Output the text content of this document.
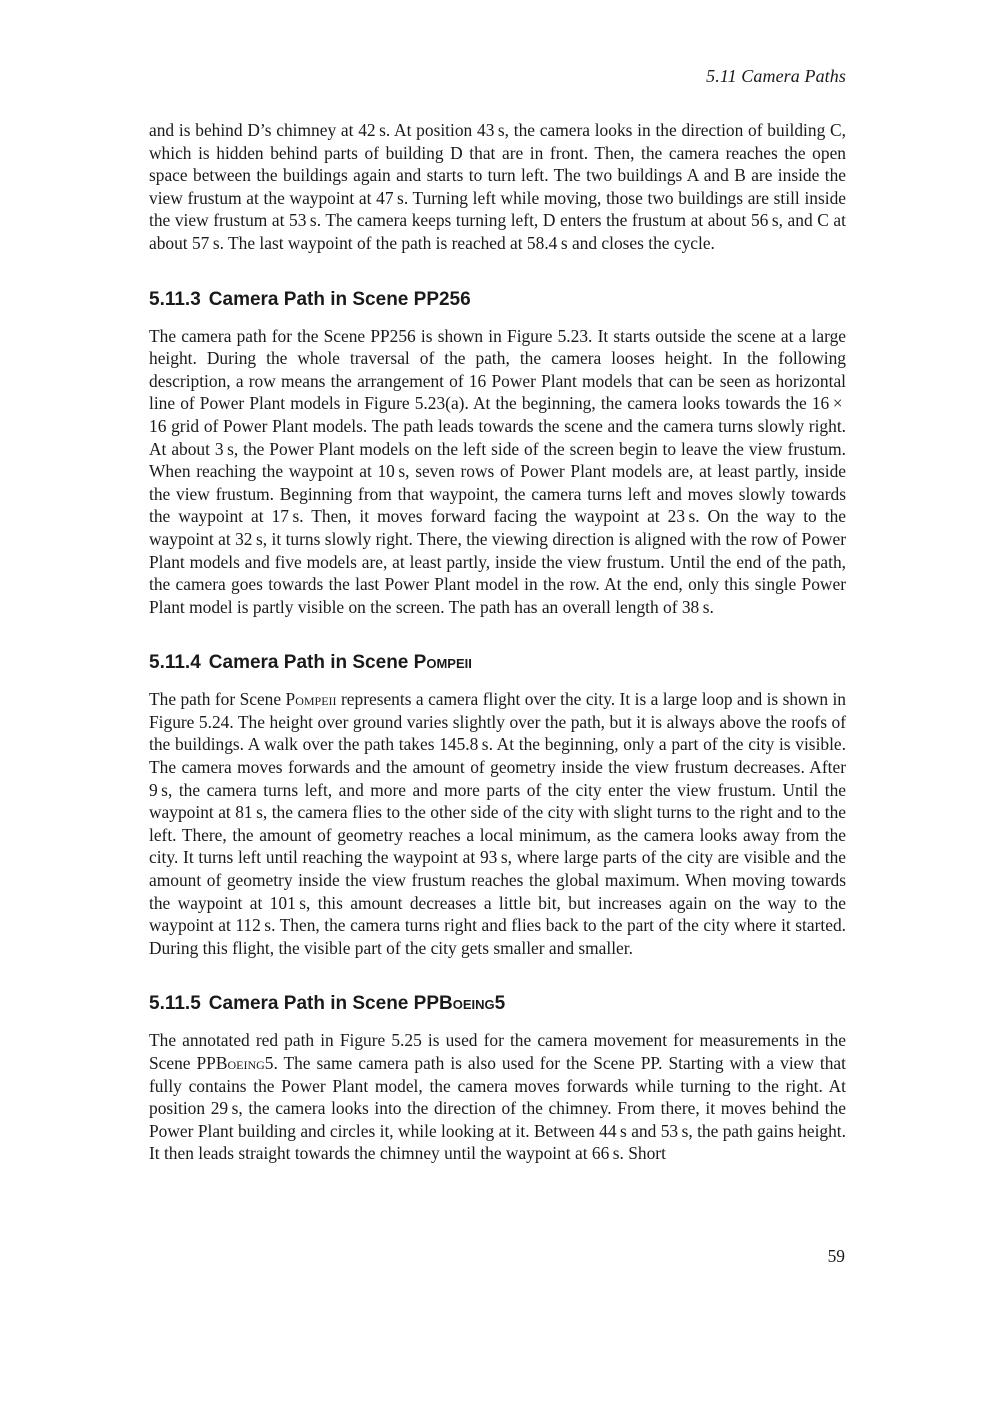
5.11 Camera Paths

and is behind D’s chimney at 42 s. At position 43 s, the camera looks in the direction of building C, which is hidden behind parts of building D that are in front. Then, the camera reaches the open space between the buildings again and starts to turn left. The two buildings A and B are inside the view frustum at the waypoint at 47 s. Turning left while moving, those two buildings are still inside the view frustum at 53 s. The camera keeps turning left, D enters the frustum at about 56 s, and C at about 57 s. The last waypoint of the path is reached at 58.4 s and closes the cycle.

5.11.3 Camera Path in Scene PP256

The camera path for the Scene PP256 is shown in Figure 5.23. It starts outside the scene at a large height. During the whole traversal of the path, the camera looses height. In the following description, a row means the arrangement of 16 Power Plant models that can be seen as horizontal line of Power Plant models in Figure 5.23(a). At the beginning, the camera looks towards the 16 × 16 grid of Power Plant models. The path leads towards the scene and the camera turns slowly right. At about 3 s, the Power Plant models on the left side of the screen begin to leave the view frustum. When reaching the waypoint at 10 s, seven rows of Power Plant models are, at least partly, inside the view frustum. Beginning from that waypoint, the camera turns left and moves slowly towards the waypoint at 17 s. Then, it moves forward facing the waypoint at 23 s. On the way to the waypoint at 32 s, it turns slowly right. There, the viewing direction is aligned with the row of Power Plant models and five models are, at least partly, inside the view frustum. Until the end of the path, the camera goes towards the last Power Plant model in the row. At the end, only this single Power Plant model is partly visible on the screen. The path has an overall length of 38 s.

5.11.4 Camera Path in Scene Pompeii

The path for Scene Pompeii represents a camera flight over the city. It is a large loop and is shown in Figure 5.24. The height over ground varies slightly over the path, but it is always above the roofs of the buildings. A walk over the path takes 145.8 s. At the beginning, only a part of the city is visible. The camera moves forwards and the amount of geometry inside the view frustum decreases. After 9 s, the camera turns left, and more and more parts of the city enter the view frustum. Until the waypoint at 81 s, the camera flies to the other side of the city with slight turns to the right and to the left. There, the amount of geometry reaches a local minimum, as the camera looks away from the city. It turns left until reaching the waypoint at 93 s, where large parts of the city are visible and the amount of geometry inside the view frustum reaches the global maximum. When moving towards the waypoint at 101 s, this amount decreases a little bit, but increases again on the way to the waypoint at 112 s. Then, the camera turns right and flies back to the part of the city where it started. During this flight, the visible part of the city gets smaller and smaller.

5.11.5 Camera Path in Scene PPBoeing5

The annotated red path in Figure 5.25 is used for the camera movement for measurements in the Scene PPBoeing5. The same camera path is also used for the Scene PP. Starting with a view that fully contains the Power Plant model, the camera moves forwards while turning to the right. At position 29 s, the camera looks into the direction of the chimney. From there, it moves behind the Power Plant building and circles it, while looking at it. Between 44 s and 53 s, the path gains height. It then leads straight towards the chimney until the waypoint at 66 s. Short

59
